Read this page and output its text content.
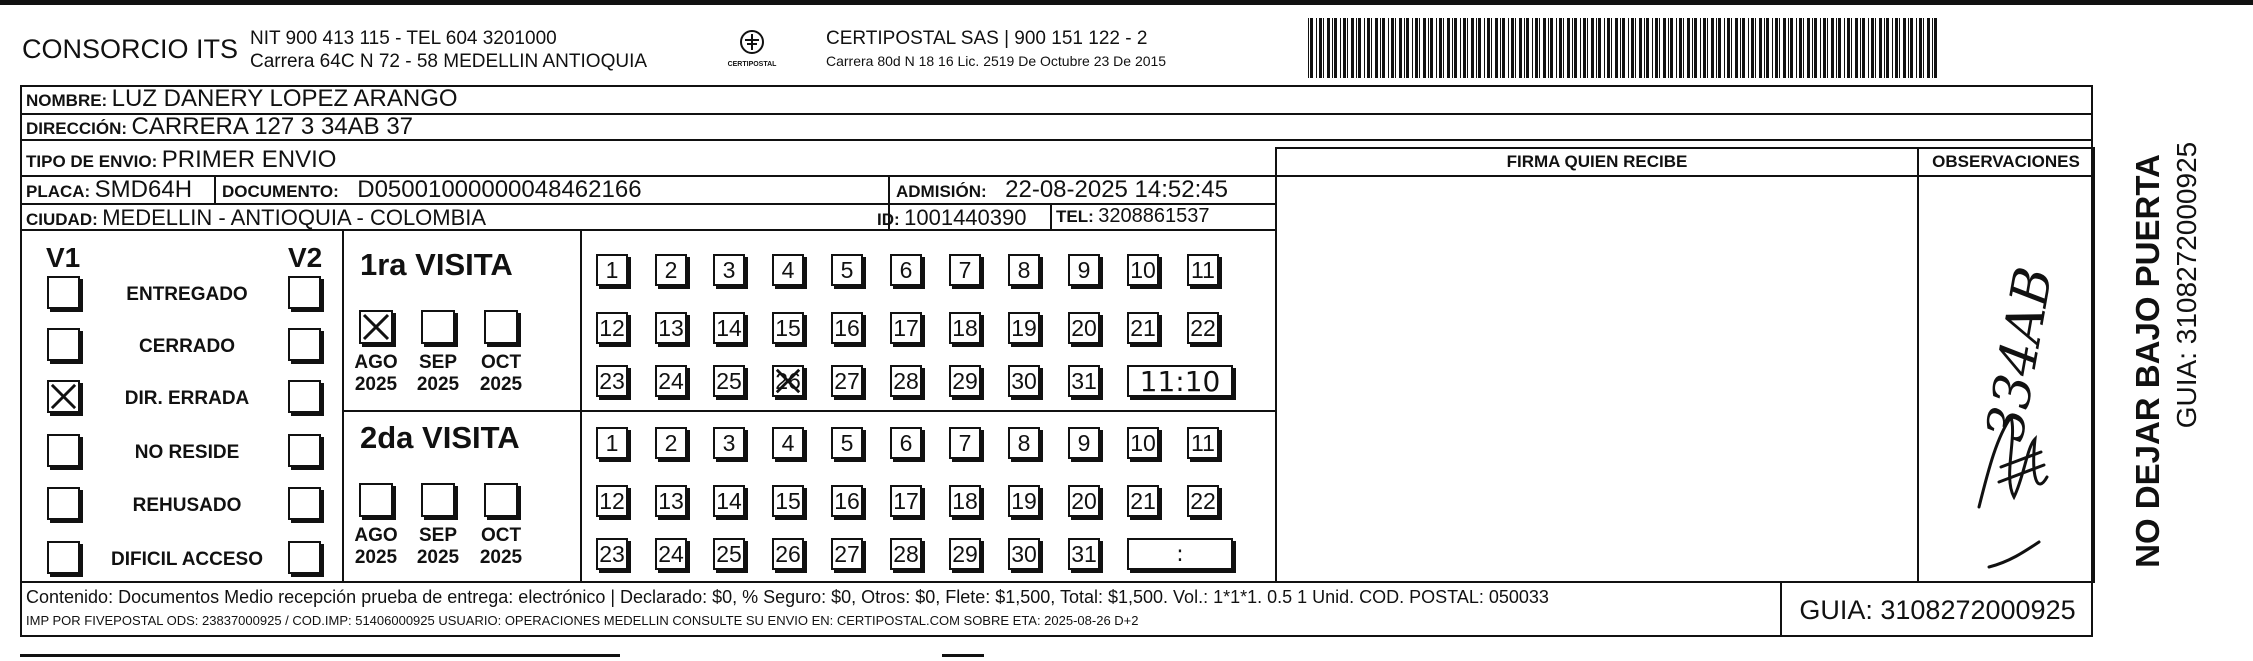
CONSORCIO ITS NIT 900 413 115 - TEL 604 3201000
Carrera 64C N 72 - 58 MEDELLIN ANTIOQUIA	CERTIPOSTAL
CERTIPOSTAL SAS | 900 151 122 - 2
Carrera 80d N 18 16 Lic. 2519 De Octubre 23 De 2015
NOMBRE: LUZ DANERY LOPEZ ARANGO
DIRECCIÓN: CARRERA 127 3 34AB 37
TIPO DE ENVIO: PRIMER ENVIO
PLACA: SMD64H DOCUMENTO: D05001000000048462166	ADMISIÓN: 22-08-2025 14:52:45
CIUDAD: MEDELLIN - ANTIOQUIA - COLOMBIA	ID: 1001440390 TEL: 3208861537
FIRMA QUIEN RECIBE	OBSERVACIONES
V1	V2 1ra VISITA
2da VISITA	334AB NO DEJAR BAJO PUERTA GUIA: 3108272000925
Contenido: Documentos Medio recepción prueba de entrega: electrónico | Declarado: $0, % Seguro: $0, Otros: $0, Flete: $1,500, Total: $1,500. Vol.: 1*1*1. 0.5 1 Unid. COD. POSTAL: 050033
IMP POR FIVEPOSTAL ODS: 23837000925 / COD.IMP: 51406000925 USUARIO: OPERACIONES MEDELLIN CONSULTE SU ENVIO EN: CERTIPOSTAL.COM SOBRE ETA: 2025-08-26 D+2	GUIA: 3108272000925
ENTREGADO
CERRADO
DIR. ERRADA
NO RESIDE
REHUSADO
DIFICIL ACCESO
AGO
2025
SEP
2025
OCT
2025
1	2	3	4	5	6	7	8	9	10 11
12 13 14 15 16 17 18 19 20 21 22
23 24 25 26 27 28 29 30 31	11:10
AGO
2025
SEP
2025
OCT
2025
1	2	3	4	5	6	7	8	9	10 11
12 13 14 15 16 17 18 19 20 21 22
23 24 25 26 27 28 29 30 31	:
